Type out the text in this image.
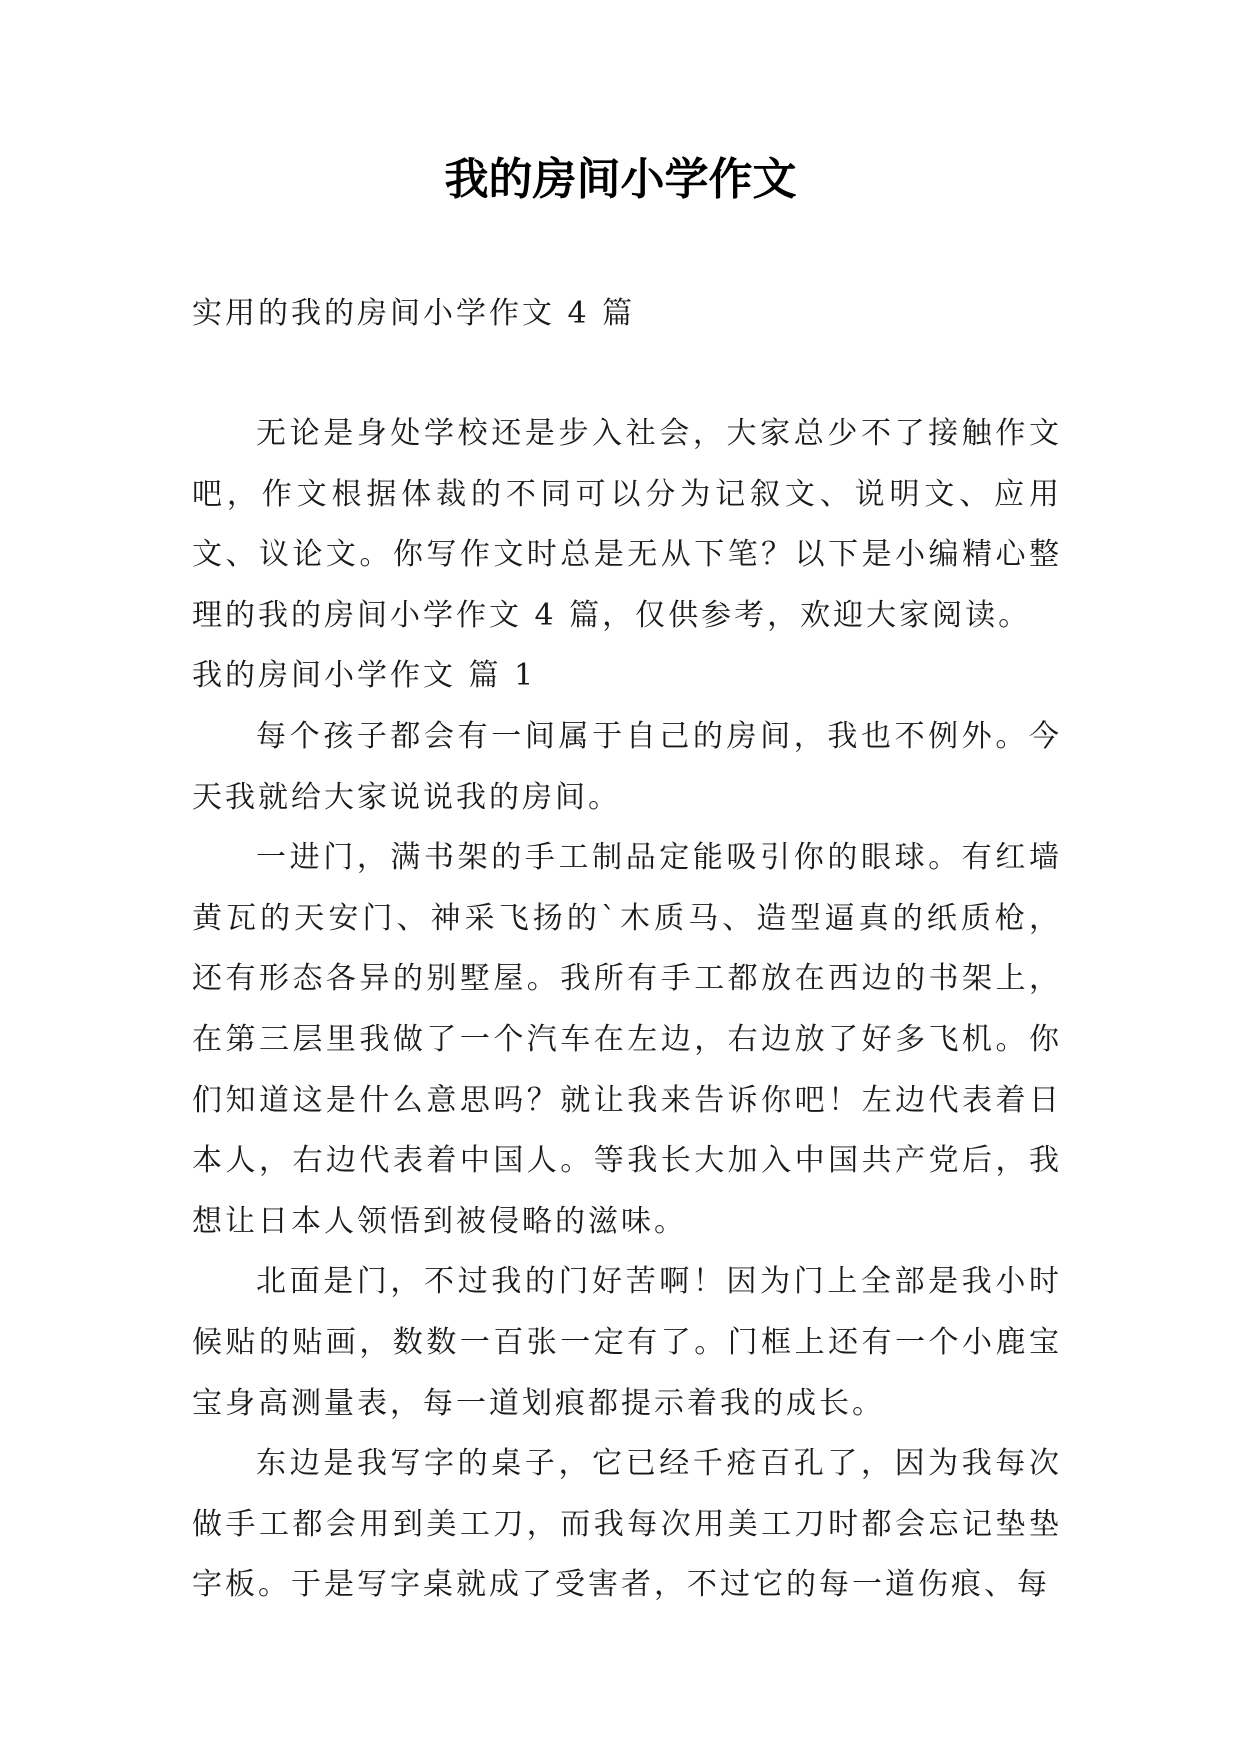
我的房间小学作文
实用的我的房间小学作文 4 篇

无论是身处学校还是步入社会，大家总少不了接触作文吧，作文根据体裁的不同可以分为记叙文、说明文、应用文、议论文。你写作文时总是无从下笔？以下是小编精心整理的我的房间小学作文 4 篇，仅供参考，欢迎大家阅读。

我的房间小学作文 篇 1

每个孩子都会有一间属于自己的房间，我也不例外。今天我就给大家说说我的房间。

一进门，满书架的手工制品定能吸引你的眼球。有红墙黄瓦的天安门、神采飞扬的`木质马、造型逼真的纸质枪，还有形态各异的别墅屋。我所有手工都放在西边的书架上，在第三层里我做了一个汽车在左边，右边放了好多飞机。你们知道这是什么意思吗？就让我来告诉你吧！左边代表着日本人，右边代表着中国人。等我长大加入中国共产党后，我想让日本人领悟到被侵略的滋味。

北面是门，不过我的门好苦啊！因为门上全部是我小时候贴的贴画，数数一百张一定有了。门框上还有一个小鹿宝宝身高测量表，每一道划痕都提示着我的成长。

东边是我写字的桌子，它已经千疮百孔了，因为我每次做手工都会用到美工刀，而我每次用美工刀时都会忘记垫垫字板。于是写字桌就成了受害者，不过它的每一道伤痕、每
